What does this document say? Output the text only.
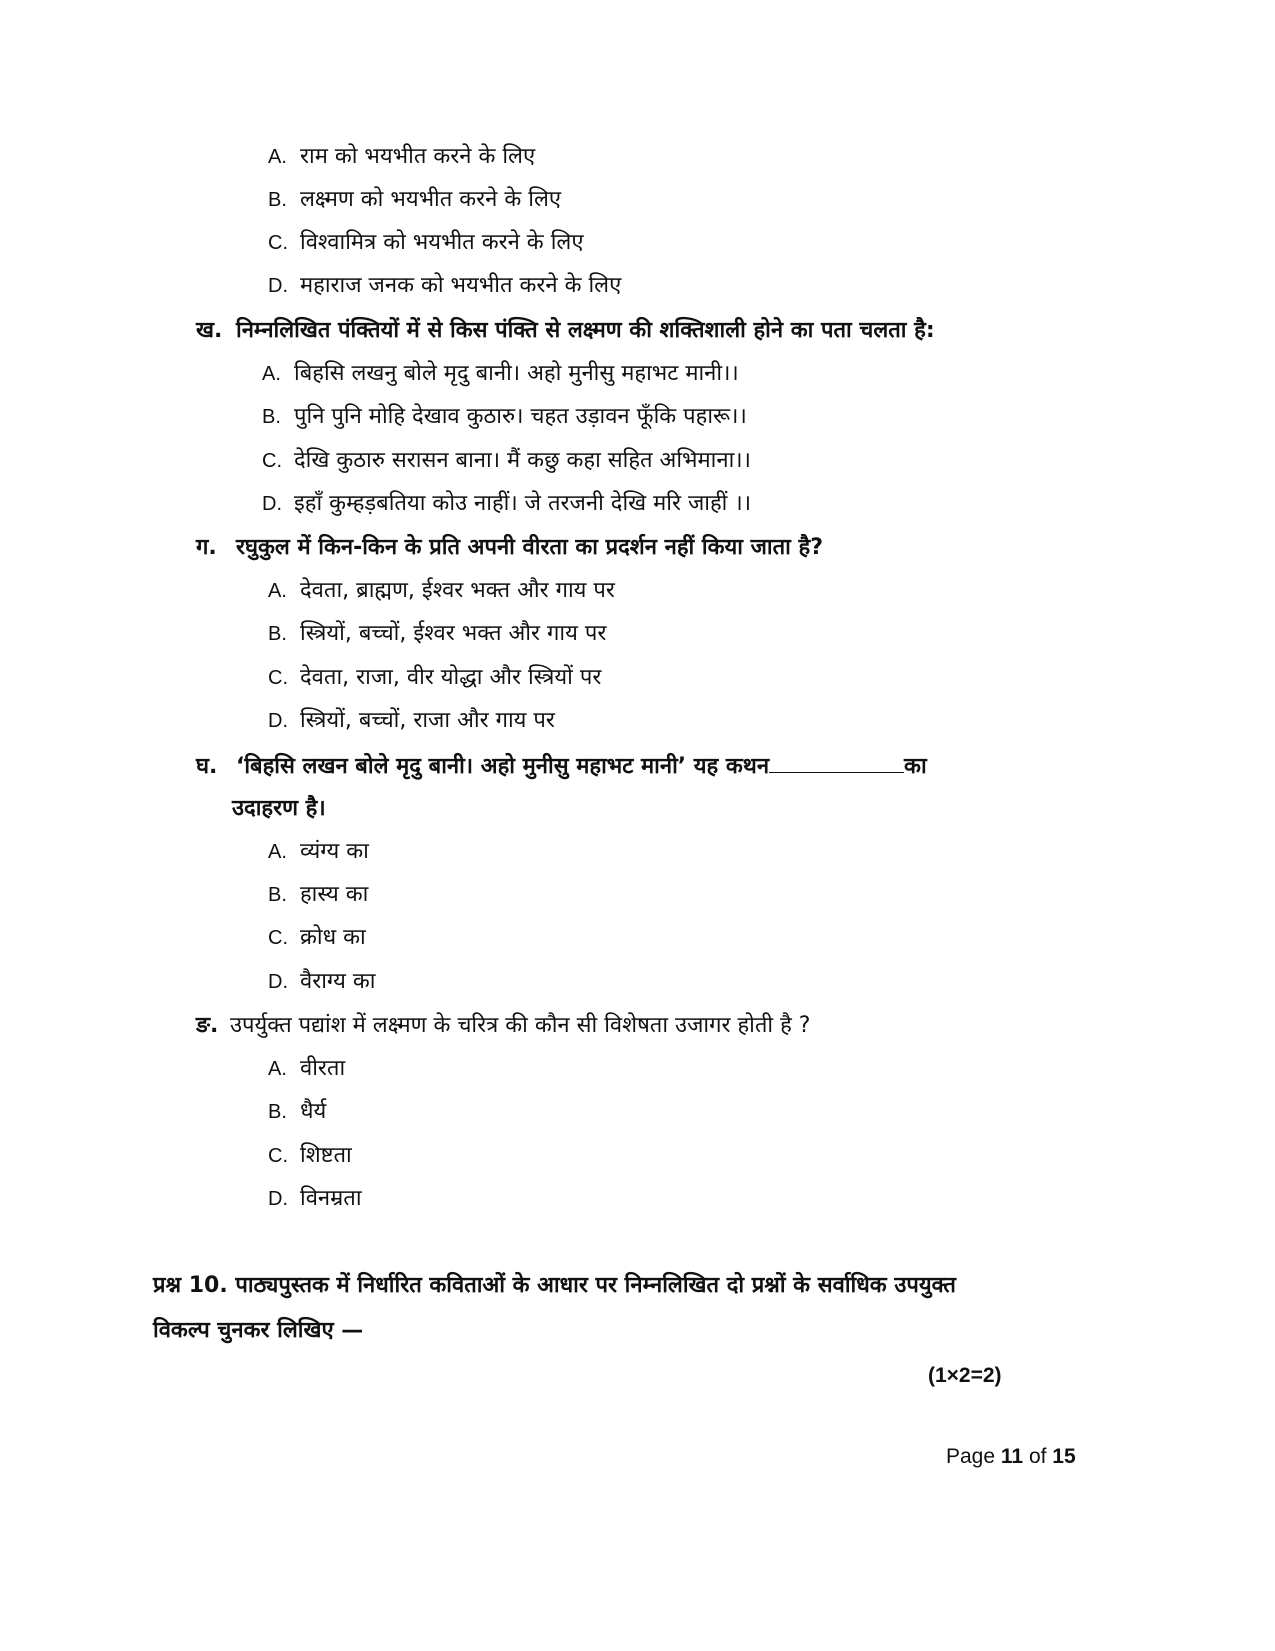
A. राम को भयभीत करने के लिए
B. लक्ष्मण को भयभीत करने के लिए
C. विश्वामित्र को भयभीत करने के लिए
D. महाराज जनक को भयभीत करने के लिए
ख. निम्नलिखित पंक्तियों में से किस पंक्ति से लक्ष्मण की शक्तिशाली होने का पता चलता है:
A. बिहसि लखनु बोले मृदु बानी। अहो मुनीसु महाभट मानी।।
B. पुनि पुनि मोहि देखाव कुठारु। चहत उड़ावन फूँकि पहारू।।
C. देखि कुठारु सरासन बाना। मैं कछु कहा सहित अभिमाना।।
D. इहाँ कुम्हड़बतिया कोउ नाहीं। जे तरजनी देखि मरि जाहीं ।।
ग. रघुकुल में किन-किन के प्रति अपनी वीरता का प्रदर्शन नहीं किया जाता है?
A. देवता, ब्राह्मण, ईश्वर भक्त और गाय पर
B. स्त्रियों, बच्चों, ईश्वर भक्त और गाय पर
C. देवता, राजा, वीर योद्धा और स्त्रियों पर
D. स्त्रियों, बच्चों, राजा और गाय पर
घ. ‘बिहसि लखन बोले मृदु बानी। अहो मुनीसु महाभट मानी’ यह कथन	का
उदाहरण है।
A. व्यंग्य का
B. हास्य का
C. क्रोध का
D. वैराग्य का
ङ. उपर्युक्त पद्यांश में लक्ष्मण के चरित्र की कौन सी विशेषता उजागर होती है ?
A. वीरता
B. धैर्य
C. शिष्टता
D. विनम्रता
प्रश्न 10. पाठ्यपुस्तक में निर्धारित कविताओं के आधार पर निम्नलिखित दो प्रश्नों के सर्वाधिक उपयुक्त
विकल्प चुनकर लिखिए —
(1×2=2)
Page 11 of 15
